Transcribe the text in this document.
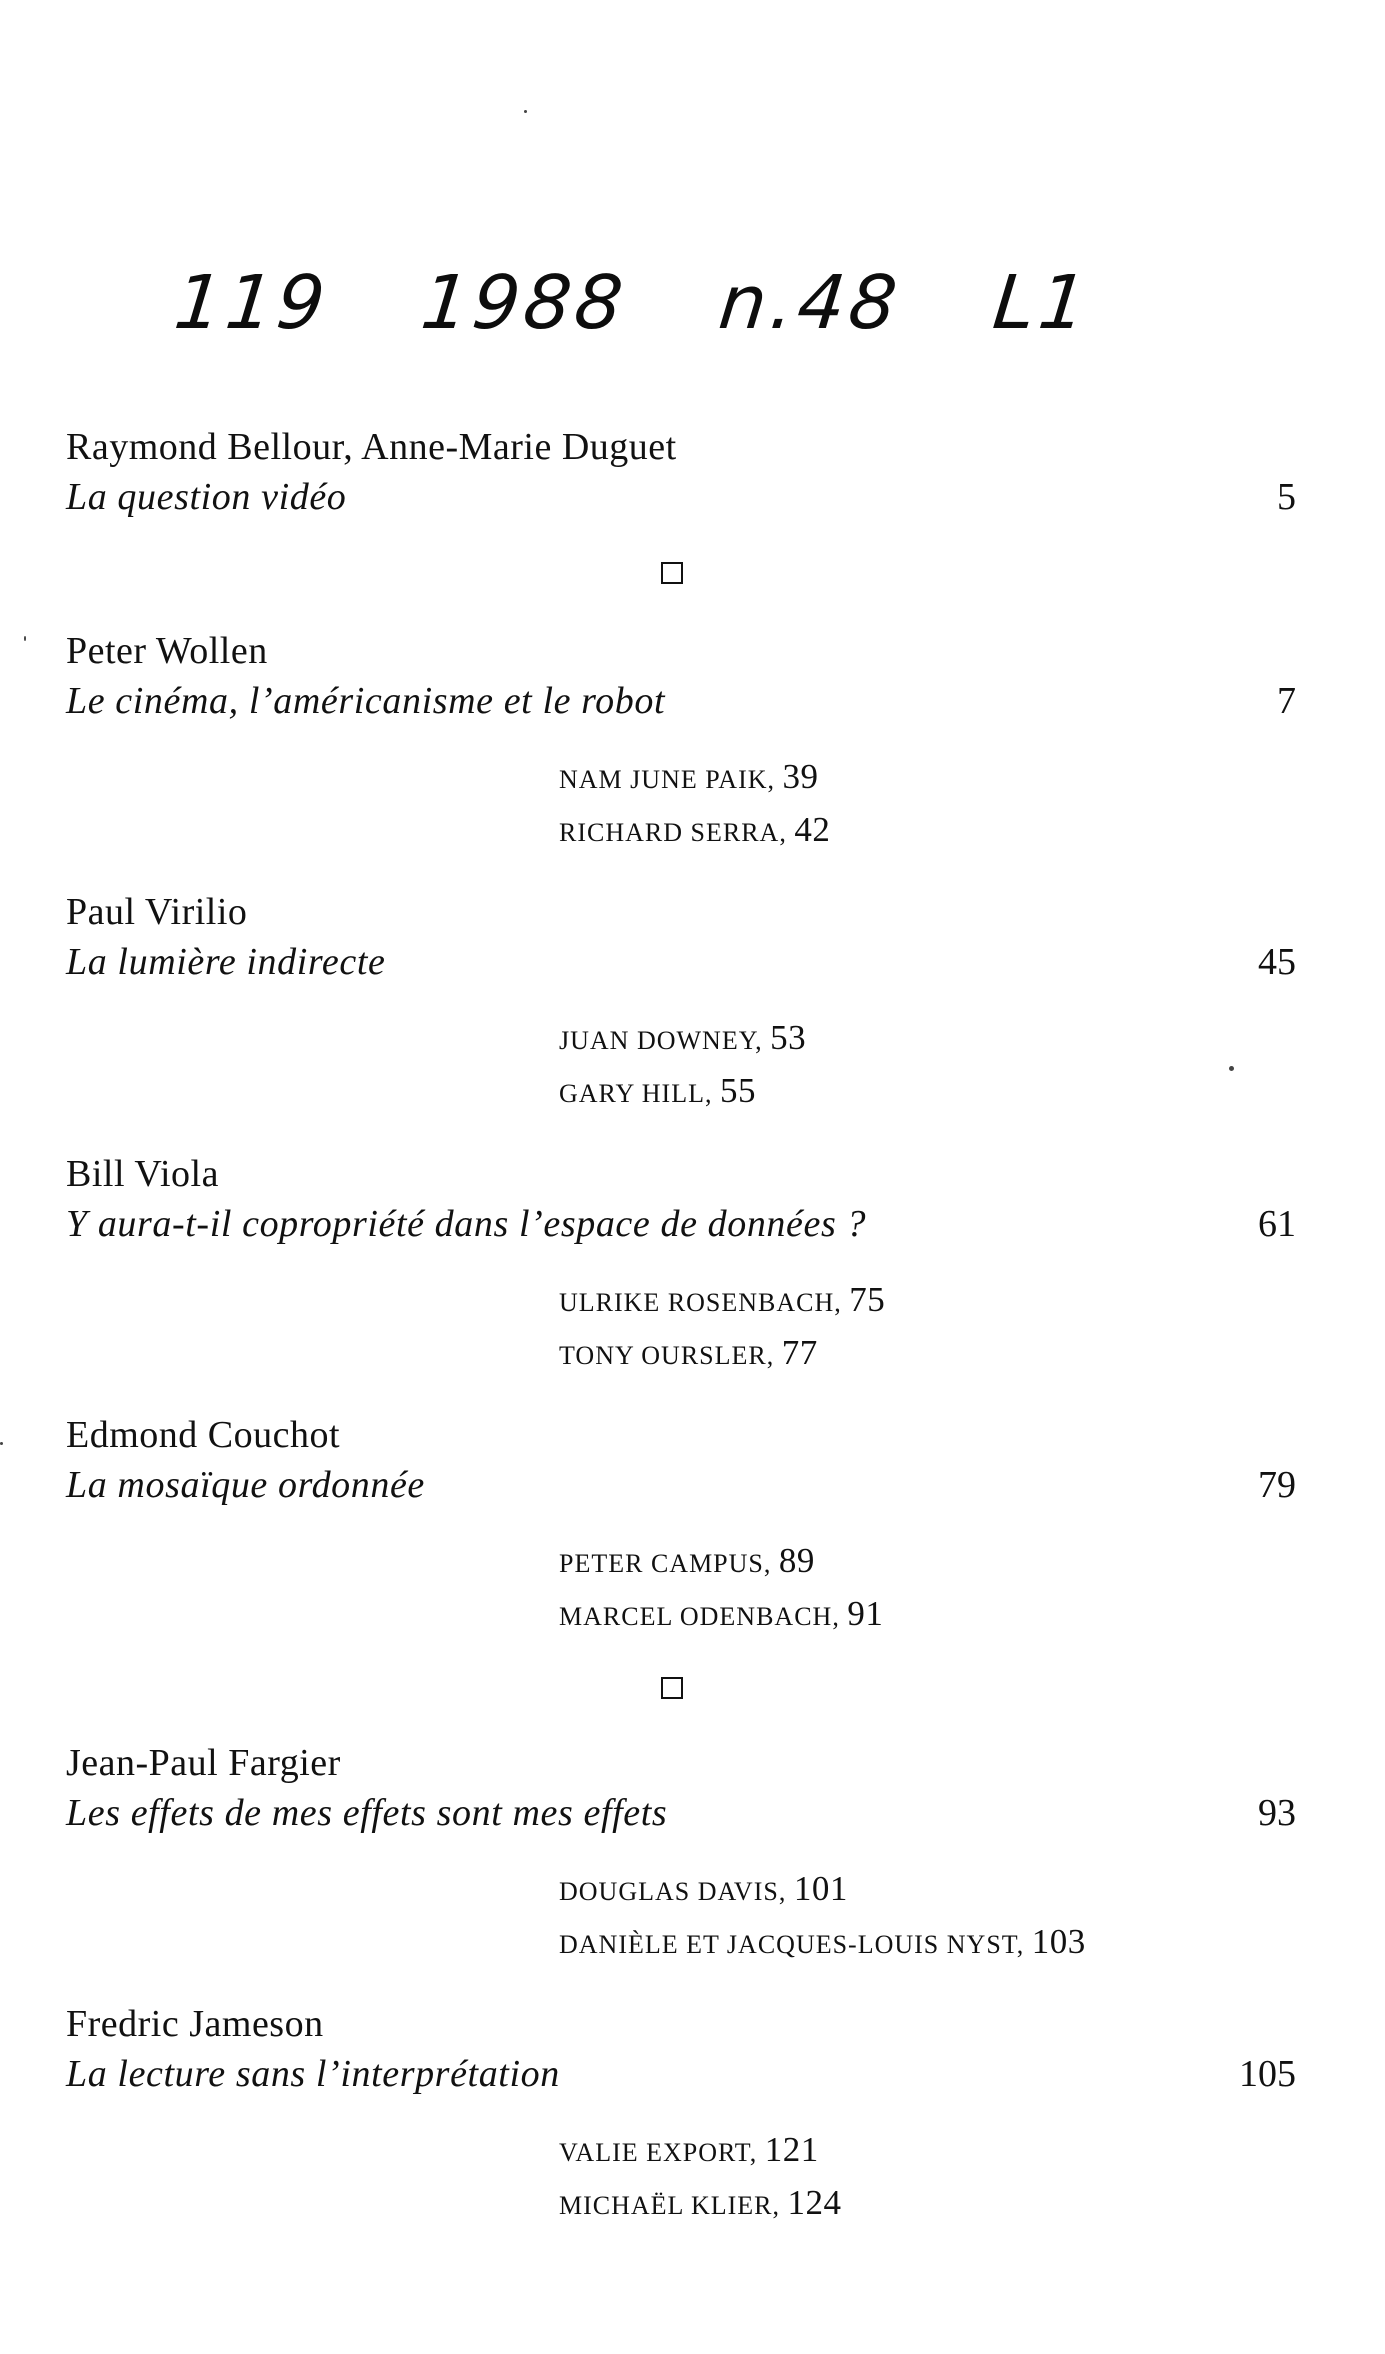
119 1988 n.48 L1
Raymond Bellour, Anne-Marie Duguet
La question vidéo	5
Peter Wollen
Le cinéma, l’américanisme et le robot	7
NAM JUNE PAIK, 39
RICHARD SERRA, 42
Paul Virilio
La lumière indirecte	45
JUAN DOWNEY, 53
GARY HILL, 55
Bill Viola
Y aura-t-il copropriété dans l’espace de données ?	61
ULRIKE ROSENBACH, 75
TONY OURSLER, 77
Edmond Couchot
La mosaïque ordonnée	79
PETER CAMPUS, 89
MARCEL ODENBACH, 91
Jean-Paul Fargier
Les effets de mes effets sont mes effets	93
DOUGLAS DAVIS, 101
DANIÈLE ET JACQUES-LOUIS NYST, 103
Fredric Jameson
La lecture sans l’interprétation	105
VALIE EXPORT, 121
MICHAËL KLIER, 124
